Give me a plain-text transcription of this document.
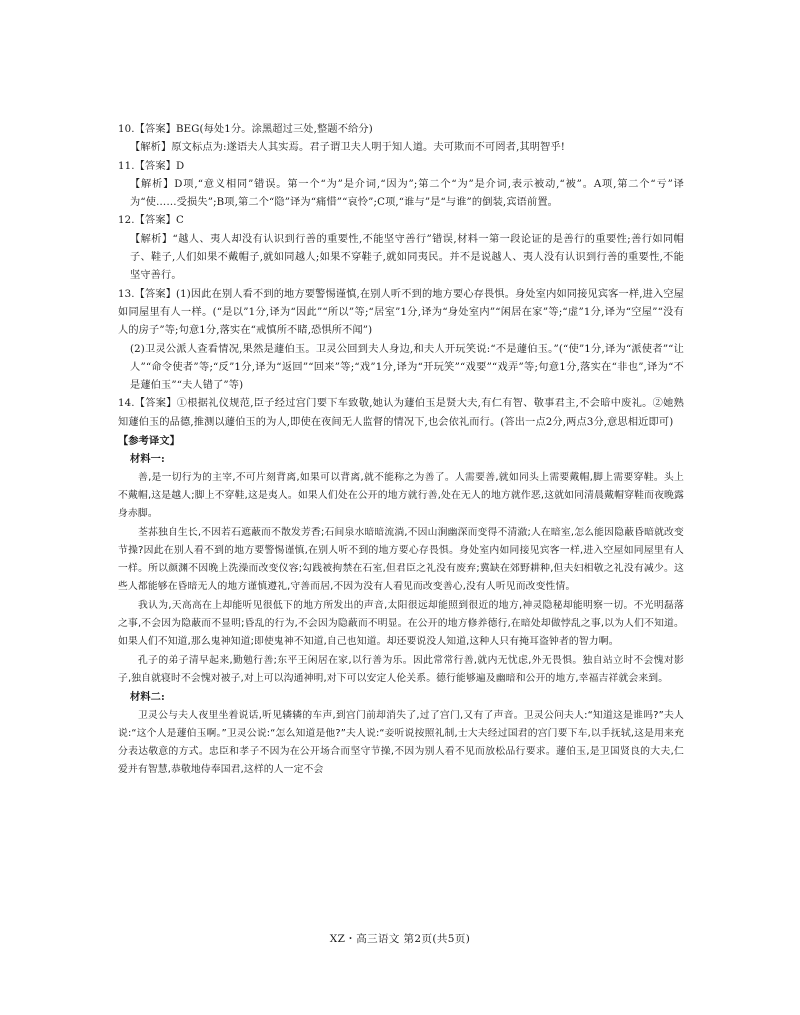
10.【答案】BEG(每处1分。涂黑超过三处,整题不给分)

【解析】原文标点为:遂语夫人其实焉。君子谓卫夫人明于知人道。夫可欺而不可罔者,其明智乎!

11.【答案】D

【解析】D项,“意义相同”错误。第一个“为”是介词,“因为”;第二个“为”是介词,表示被动,“被”。A项,第二个“亏”译为“使……受损失”;B项,第二个“隐”译为“痛惜”“哀怜”;C项,“谁与”是“与谁”的倒装,宾语前置。

12.【答案】C

【解析】“越人、夷人却没有认识到行善的重要性,不能坚守善行”错误,材料一第一段论证的是善行的重要性;善行如同帽子、鞋子,人们如果不戴帽子,就如同越人;如果不穿鞋子,就如同夷民。并不是说越人、夷人没有认识到行善的重要性,不能坚守善行。

13.【答案】(1)因此在别人看不到的地方要警惕谨慎,在别人听不到的地方要心存畏惧。身处室内如同接见宾客一样,进入空屋如同屋里有人一样。(“是以”1分,译为“因此”“所以”等;“居室”1分,译为“身处室内”“闲居在家”等;“虚”1分,译为“空屋”“没有人的房子”等;句意1分,落实在“戒慎所不睹,恐惧所不闻”)

(2)卫灵公派人查看情况,果然是蘧伯玉。卫灵公回到夫人身边,和夫人开玩笑说:“不是蘧伯玉。”(“使”1分,译为“派使者”“让人”“命令使者”等;“反”1分,译为“返回”“回来”等;“戏”1分,译为“开玩笑”“戏要”“戏弄”等;句意1分,落实在“非也”,译为“不是蘧伯玉”“夫人错了”等)

14.【答案】①根据礼仪规范,臣子经过宫门要下车致敬,她认为蘧伯玉是贤大夫,有仁有智、敬事君主,不会暗中废礼。②她熟知蘧伯玉的品德,推测以蘧伯玉的为人,即使在夜间无人监督的情况下,也会依礼而行。(答出一点2分,两点3分,意思相近即可)

【参考译文】

材料一:

善,是一切行为的主宰,不可片刻背离,如果可以背离,就不能称之为善了。人需要善,就如同头上需要戴帽,脚上需要穿鞋。头上不戴帽,这是越人;脚上不穿鞋,这是夷人。如果人们处在公开的地方就行善,处在无人的地方就作恶,这就如同清晨戴帽穿鞋而夜晚露身赤脚。

荃荪独自生长,不因若石遮蔽而不散发芳香;石间泉水暗暗流淌,不因山涧幽深而变得不清澈;人在暗室,怎么能因隐蔽昏暗就改变节操?因此在别人看不到的地方要警惕谨慎,在别人听不到的地方要心存畏惧。身处室内如同接见宾客一样,进入空屋如同屋里有人一样。所以颜渊不因晚上洗澡而改变仪容;勾践被拘禁在石室,但君臣之礼没有废弃;冀缺在郊野耕种,但夫妇相敬之礼没有减少。这些人都能够在昏暗无人的地方谨慎遵礼,守善而居,不因为没有人看见而改变善心,没有人听见而改变性情。

我认为,天高高在上却能听见很低下的地方所发出的声音,太阳很远却能照到很近的地方,神灵隐秘却能明察一切。不光明磊落之事,不会因为隐蔽而不显明;昏乱的行为,不会因为隐蔽而不明显。在公开的地方修养德行,在暗处却做悖乱之事,以为人们不知道。如果人们不知道,那么鬼神知道;即使鬼神不知道,自己也知道。却还要说没人知道,这种人只有掩耳盗钟者的智力啊。

孔子的弟子清早起来,勤勉行善;东平王闲居在家,以行善为乐。因此常常行善,就内无忧虑,外无畏惧。独自站立时不会愧对影子,独自就寝时不会愧对被子,对上可以沟通神明,对下可以安定人伦关系。德行能够遍及幽暗和公开的地方,幸福吉祥就会来到。

材料二:

卫灵公与夫人夜里坐着说话,听见辚辚的车声,到宫门前却消失了,过了宫门,又有了声音。卫灵公问夫人:“知道这是谁吗?”夫人说:“这个人是蘧伯玉啊。”卫灵公说:“怎么知道是他?”夫人说:“妾听说按照礼制,士大夫经过国君的宫门要下车,以手抚轼,这是用来充分表达敬意的方式。忠臣和孝子不因为在公开场合而坚守节操,不因为别人看不见而放松品行要求。蘧伯玉,是卫国贤良的大夫,仁爱并有智慧,恭敬地侍奉国君,这样的人一定不会

XZ・高三语文 第2页(共5页)
